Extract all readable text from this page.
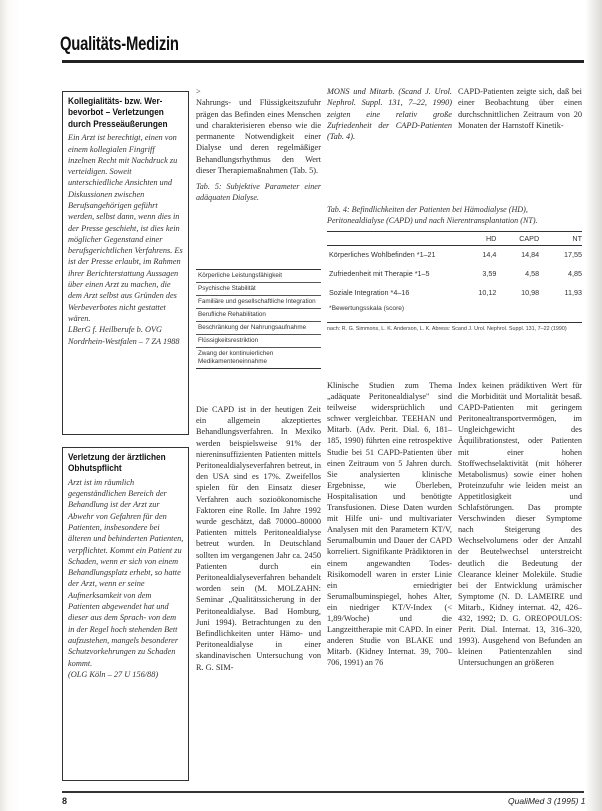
Qualitäts-Medizin
Kollegialitäts- bzw. Wer-bevorbot – Verletzungen durch Presseäußerungen
Ein Arzt ist berechtigt, einen von einem kollegialen Fingriff inzelnen Recht mit Nachdruck zu verteidigen. Soweit unterschiedliche Ansichten und Diskussionen zwischen Berufsangehörigen geführt werden, selbst dann, wenn dies in der Presse geschieht, ist dies kein möglicher Gegenstand einer berufsgerichtlichen Verfahrens. Es ist der Presse erlaubt, im Rahmen ihrer Berichterstattung Aussagen über einen Arzt zu machen, die dem Arzt selbst aus Gründen des Werbeverbotes nicht gestattet wären.
LBerG f. Heilberufe b. OVG Nordrhein-Westfalen – 7 ZA 1988
Verletzung der ärztlichen Obhutspflicht
Arzt ist im räumlich gegenständlichen Bereich der Behandlung ist der Arzt zur Abwehr von Gefahren für den Patienten, insbesondere bei älteren und behinderten Patienten, verpflichtet. Kommt ein Patient zu Schaden, wenn er sich von einem Behandlungsplatz erhebt, so hatte der Arzt, wenn er seine Aufmerksamkeit von dem Patienten abgewendet hat und dieser aus dem Sprach- von dem in der Regel hoch stehenden Bett aufzustehen, mangels besonderer Schutzvorkehrungen zu Schaden kommt.
(OLG Köln – 27 U 156/88)

>

Nahrungs- und Flüssigkeitszufuhr prägen das Befinden eines Menschen und charakterisieren ebenso wie die permanente Notwendigkeit einer Dialyse und deren regelmäßiger Behandlungsrhythmus den Wert dieser Therapiemaßnahmen (Tab. 5).

Tab. 5: Subjektive Parameter einer adäquaten Dialyse.

Körperliche Leistungsfähigkeit
Psychische Stabilität
Familiäre und gesellschaftliche Integration
Berufliche Rehabilitation
Beschränkung der Nahrungsaufnahme
Flüssigkeitsrestriktion
Zwang der kontinuierlichen Medikamenteneinnahme

Die CAPD ist in der heutigen Zeit ein allgemein akzeptiertes Behandlungsverfahren. In Mexiko werden beispielsweise 91% der niereninsuffizienten Patienten mittels Peritonealdialyseverfahren betreut, in den USA sind es 17%. Zweifellos spielen für den Einsatz dieser Verfahren auch sozioökonomische Faktoren eine Rolle. Im Jahre 1992 wurde geschätzt, daß 70000–80000 Patienten mittels Peritonealdialyse betreut wurden. In Deutschland sollten im vergangenen Jahr ca. 2450 Patienten durch ein Peritonealdialyseverfahren behandelt worden sein (M. MOLZAHN: Seminar „Qualitätssicherung in der Peritonealdialyse. Bad Homburg, Juni 1994). Betrachtungen zu den Befindlichkeiten unter Hämo- und Peritonealdialyse in einer skandinavischen Untersuchung von R. G. SIM-

MONS und Mitarb. (Scand J. Urol. Nephrol. Suppl. 131, 7–22, 1990) zeigten eine relativ große Zufriedenheit der CAPD-Patienten (Tab. 4).

CAPD-Patienten zeigte sich, daß bei einer Beobachtung über einen durchschnittlichen Zeitraum von 20 Monaten der Harnstoff Kinetik-

Tab. 4: Befindlichkeiten der Patienten bei Hämodialyse (HD), Peritonealdialyse (CAPD) und nach Nierentransplantation (NT).

HD	CAPD	NT
Körperliches Wohlbefinden *1–21	14,4	14,84	17,55
Zufriedenheit mit Therapie *1–5	3,59	4,58	4,85
Soziale Integration *4–16	10,12	10,98	11,93
*Bewertungsskala (score)
nach: R. G. Simmons, L. K. Anderson, L. K. Abress: Scand J. Urol. Nephrol. Suppl. 131, 7–22 (1990)

Klinische Studien zum Thema „adäquate Peritonealdialyse" sind teilweise widersprüchlich und schwer vergleichbar. TEEHAN und Mitarb. (Adv. Perit. Dial. 6, 181–185, 1990) führten eine retrospektive Studie bei 51 CAPD-Patienten über einen Zeitraum von 5 Jahren durch. Sie analysierten klinische Ergebnisse, wie Überleben, Hospitalisation und benötigte Transfusionen. Diese Daten wurden mit Hilfe uni- und multivariater Analysen mit den Parametern KT/V, Serumalbumin und Dauer der CAPD korreliert. Signifikante Prädiktoren in einem angewandten Todes-Risikomodell waren in erster Linie ein erniedrigter Serumalbuminspiegel, hohes Alter, ein niedriger KT/V-Index (< 1,89/Woche) und die Langzeittherapie mit CAPD. In einer anderen Studie von BLAKE und Mitarb. (Kidney Internat. 39, 700–706, 1991) an 76

Index keinen prädiktiven Wert für die Morbidität und Mortalität besaß. CAPD-Patienten mit geringem Peritonealtransportvermögen, im Ungleichgewicht des Äquilibrationstest, oder Patienten mit einer hohen Stoffwechselaktivität (mit höherer Metabolismus) sowie einer hohen Proteinzufuhr wie leiden meist an Appetitlosigkeit und Schlafstörungen. Das prompte Verschwinden dieser Symptome nach Steigerung des Wechselvolumens oder der Anzahl der Beutelwechsel unterstreicht deutlich die Bedeutung der Clearance kleiner Moleküle. Studie bei der Entwicklung urämischer Symptome (N. D. LAMEIRE und Mitarb., Kidney internat. 42, 426–432, 1992; D. G. OREOPOULOS: Perit. Dial. Internat. 13, 316–320, 1993). Ausgehend von Befunden an kleinen Patientenzahlen sind Untersuchungen an größeren

8	QualiMed 3 (1995) 1
